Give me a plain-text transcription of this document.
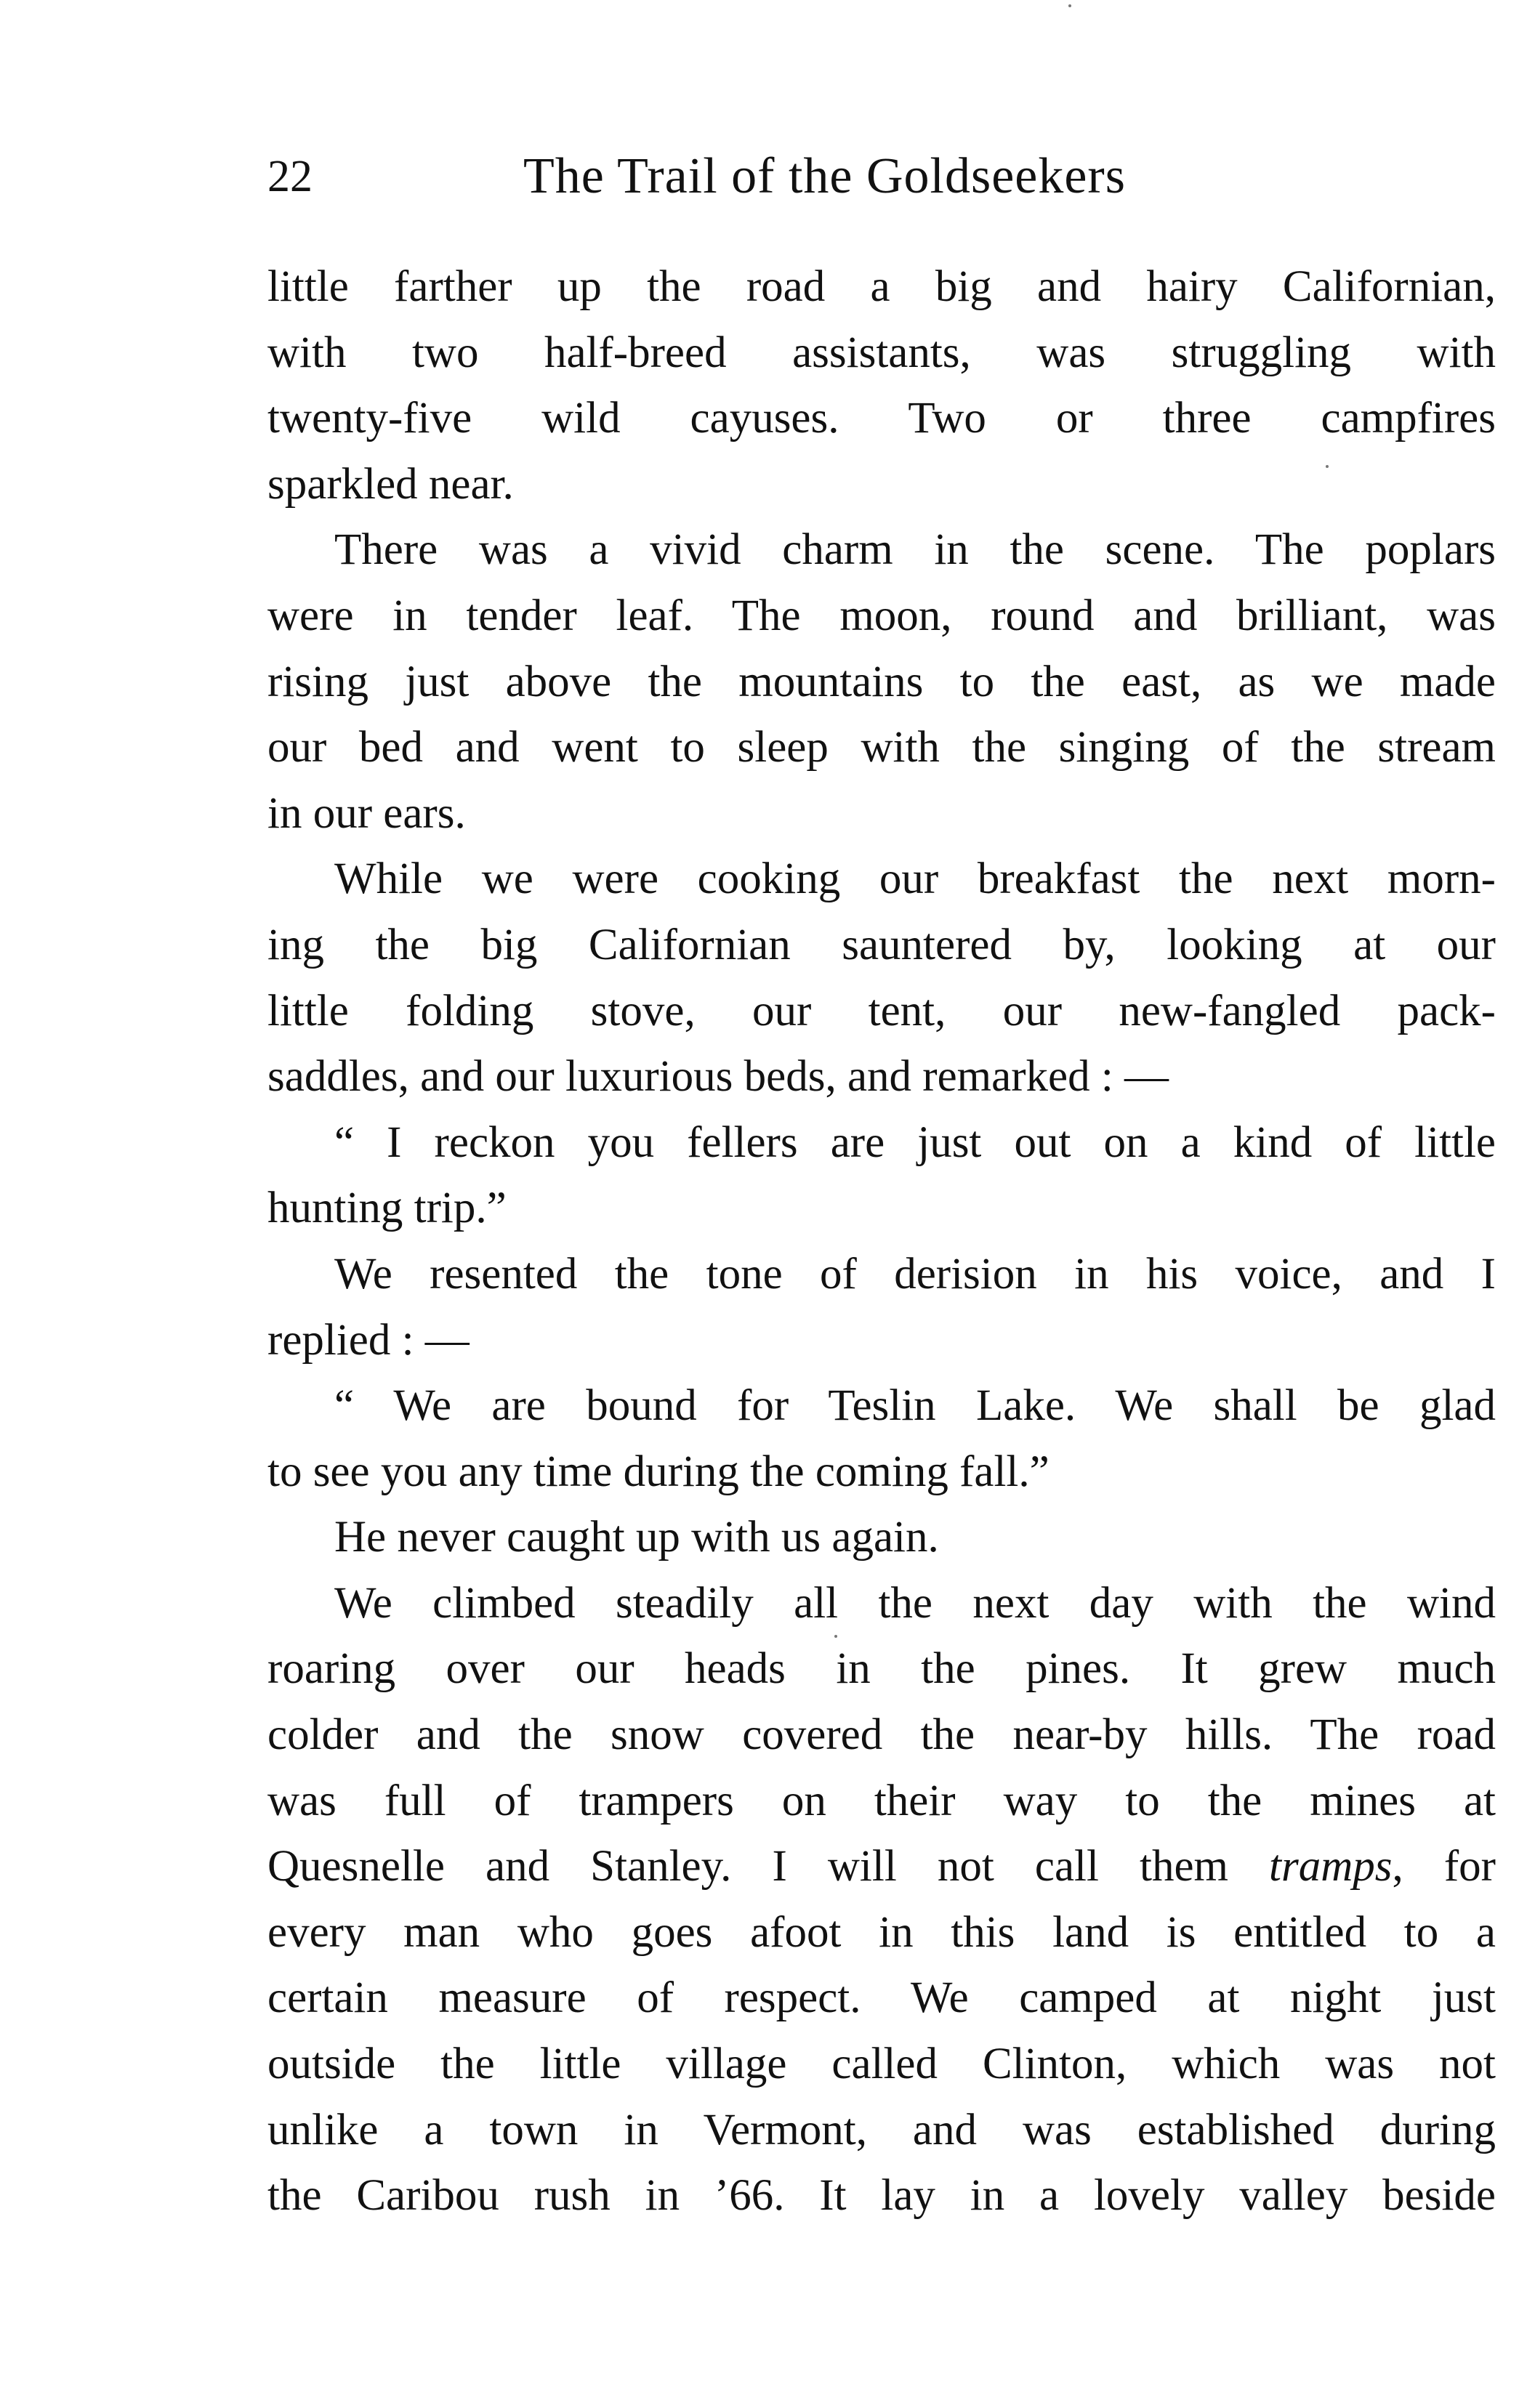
22	The Trail of the Goldseekers
little farther up the road a big and hairy Californian,
with two half-breed assistants, was struggling with
twenty-five wild cayuses. Two or three campfires
sparkled near.
There was a vivid charm in the scene. The poplars
were in tender leaf. The moon, round and brilliant, was
rising just above the mountains to the east, as we made
our bed and went to sleep with the singing of the stream
in our ears.
While we were cooking our breakfast the next morn-
ing the big Californian sauntered by, looking at our
little folding stove, our tent, our new-fangled pack-
saddles, and our luxurious beds, and remarked : —
“ I reckon you fellers are just out on a kind of little
hunting trip.”
We resented the tone of derision in his voice, and I
replied : —
“ We are bound for Teslin Lake. We shall be glad
to see you any time during the coming fall.”
He never caught up with us again.
We climbed steadily all the next day with the wind
roaring over our heads in the pines. It grew much
colder and the snow covered the near-by hills. The road
was full of trampers on their way to the mines at
Quesnelle and Stanley. I will not call them tramps, for
every man who goes afoot in this land is entitled to a
certain measure of respect. We camped at night just
outside the little village called Clinton, which was not
unlike a town in Vermont, and was established during
the Caribou rush in ’66. It lay in a lovely valley beside
